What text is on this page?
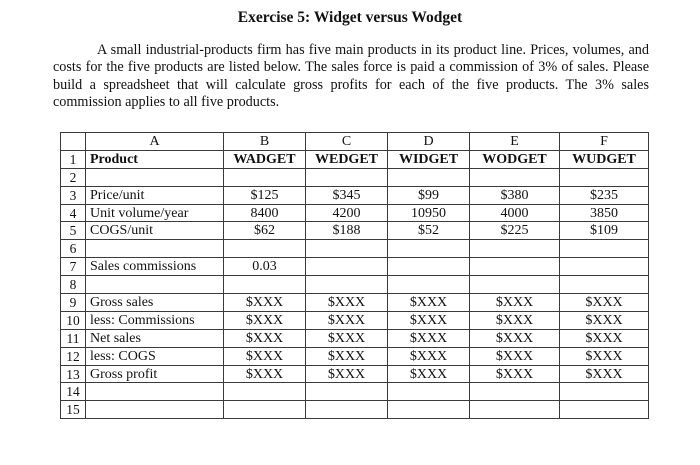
Exercise 5: Widget versus Wodget

A small industrial-products firm has five main products in its product line. Prices, volumes, and costs for the five products are listed below. The sales force is paid a commission of 3% of sales. Please build a spreadsheet that will calculate gross profits for each of the five products. The 3% sales commission applies to all five products.

	A	B	C	D	E	F
1	Product	WADGET	WEDGET	WIDGET	WODGET	WUDGET
2						
3	Price/unit	$125	$345	$99	$380	$235
4	Unit volume/year	8400	4200	10950	4000	3850
5	COGS/unit	$62	$188	$52	$225	$109
6						
7	Sales commissions	0.03				
8						
9	Gross sales	$XXX	$XXX	$XXX	$XXX	$XXX
10	less: Commissions	$XXX	$XXX	$XXX	$XXX	$XXX
11	Net sales	$XXX	$XXX	$XXX	$XXX	$XXX
12	less: COGS	$XXX	$XXX	$XXX	$XXX	$XXX
13	Gross profit	$XXX	$XXX	$XXX	$XXX	$XXX
14						
15						
